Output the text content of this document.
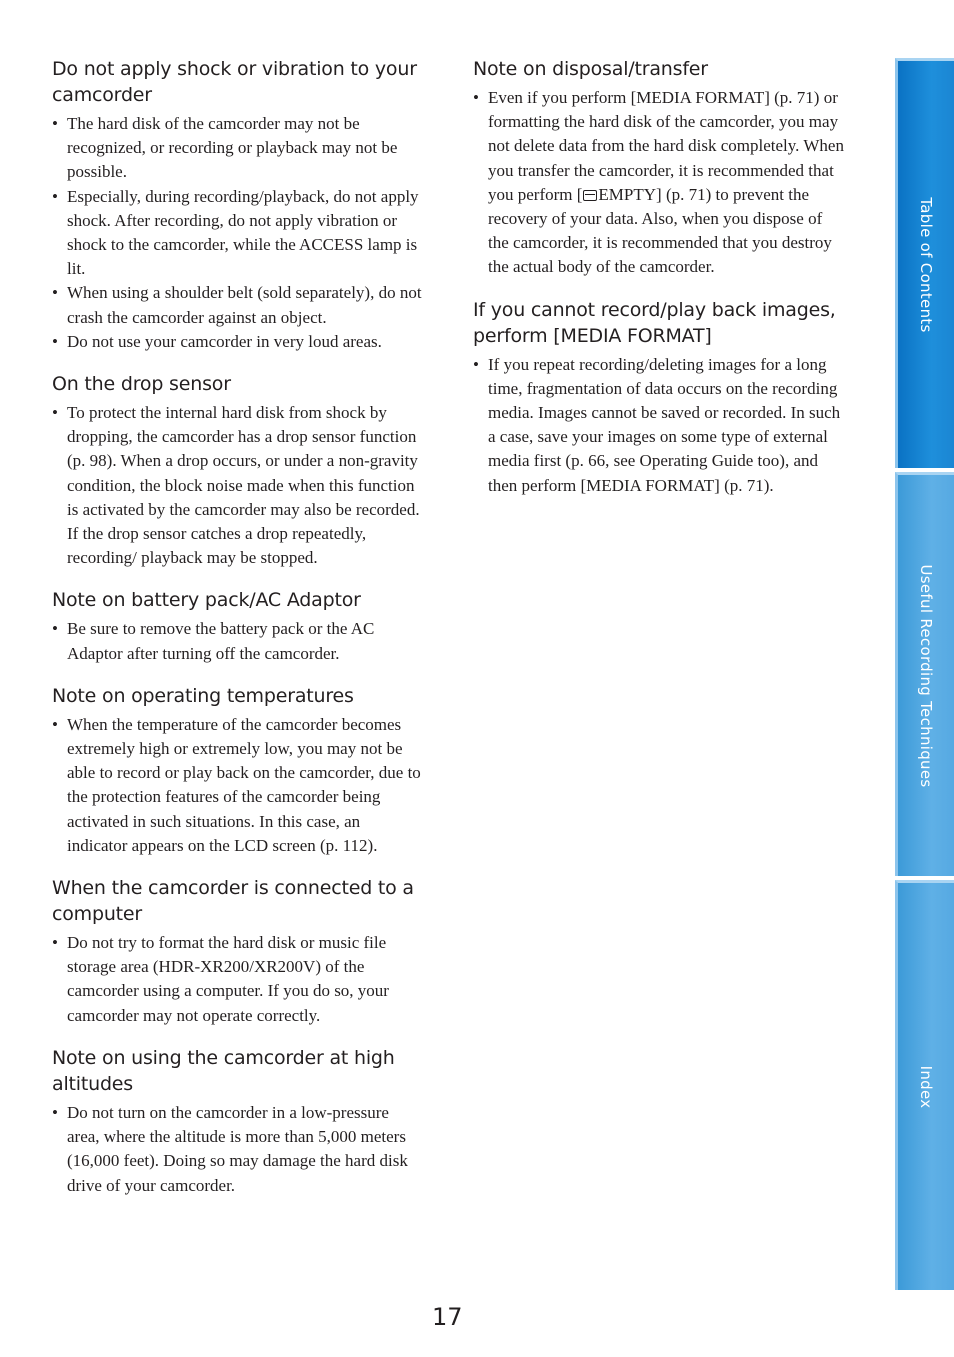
Do not apply shock or vibration to your camcorder
• The hard disk of the camcorder may not be recognized, or recording or playback may not be possible.
• Especially, during recording/playback, do not apply shock. After recording, do not apply vibration or shock to the camcorder, while the ACCESS lamp is lit.
• When using a shoulder belt (sold separately), do not crash the camcorder against an object.
• Do not use your camcorder in very loud areas.
On the drop sensor
• To protect the internal hard disk from shock by dropping, the camcorder has a drop sensor function (p. 98). When a drop occurs, or under a non-gravity condition, the block noise made when this function is activated by the camcorder may also be recorded. If the drop sensor catches a drop repeatedly, recording/ playback may be stopped.
Note on battery pack/AC Adaptor
• Be sure to remove the battery pack or the AC Adaptor after turning off the camcorder.
Note on operating temperatures
• When the temperature of the camcorder becomes extremely high or extremely low, you may not be able to record or play back on the camcorder, due to the protection features of the camcorder being activated in such situations. In this case, an indicator appears on the LCD screen (p. 112).
When the camcorder is connected to a computer
• Do not try to format the hard disk or music file storage area (HDR-XR200/XR200V) of the camcorder using a computer. If you do so, your camcorder may not operate correctly.
Note on using the camcorder at high altitudes
• Do not turn on the camcorder in a low-pressure area, where the altitude is more than 5,000 meters (16,000 feet). Doing so may damage the hard disk drive of your camcorder.
Note on disposal/transfer
• Even if you perform [MEDIA FORMAT] (p. 71) or formatting the hard disk of the camcorder, you may not delete data from the hard disk completely. When you transfer the camcorder, it is recommended that you perform [ EMPTY] (p. 71) to prevent the recovery of your data. Also, when you dispose of the camcorder, it is recommended that you destroy the actual body of the camcorder.
If you cannot record/play back images, perform [MEDIA FORMAT]
• If you repeat recording/deleting images for a long time, fragmentation of data occurs on the recording media. Images cannot be saved or recorded. In such a case, save your images on some type of external media first (p. 66, see Operating Guide too), and then perform [MEDIA FORMAT] (p. 71).
Table of Contents
Useful Recording Techniques
Index
17
